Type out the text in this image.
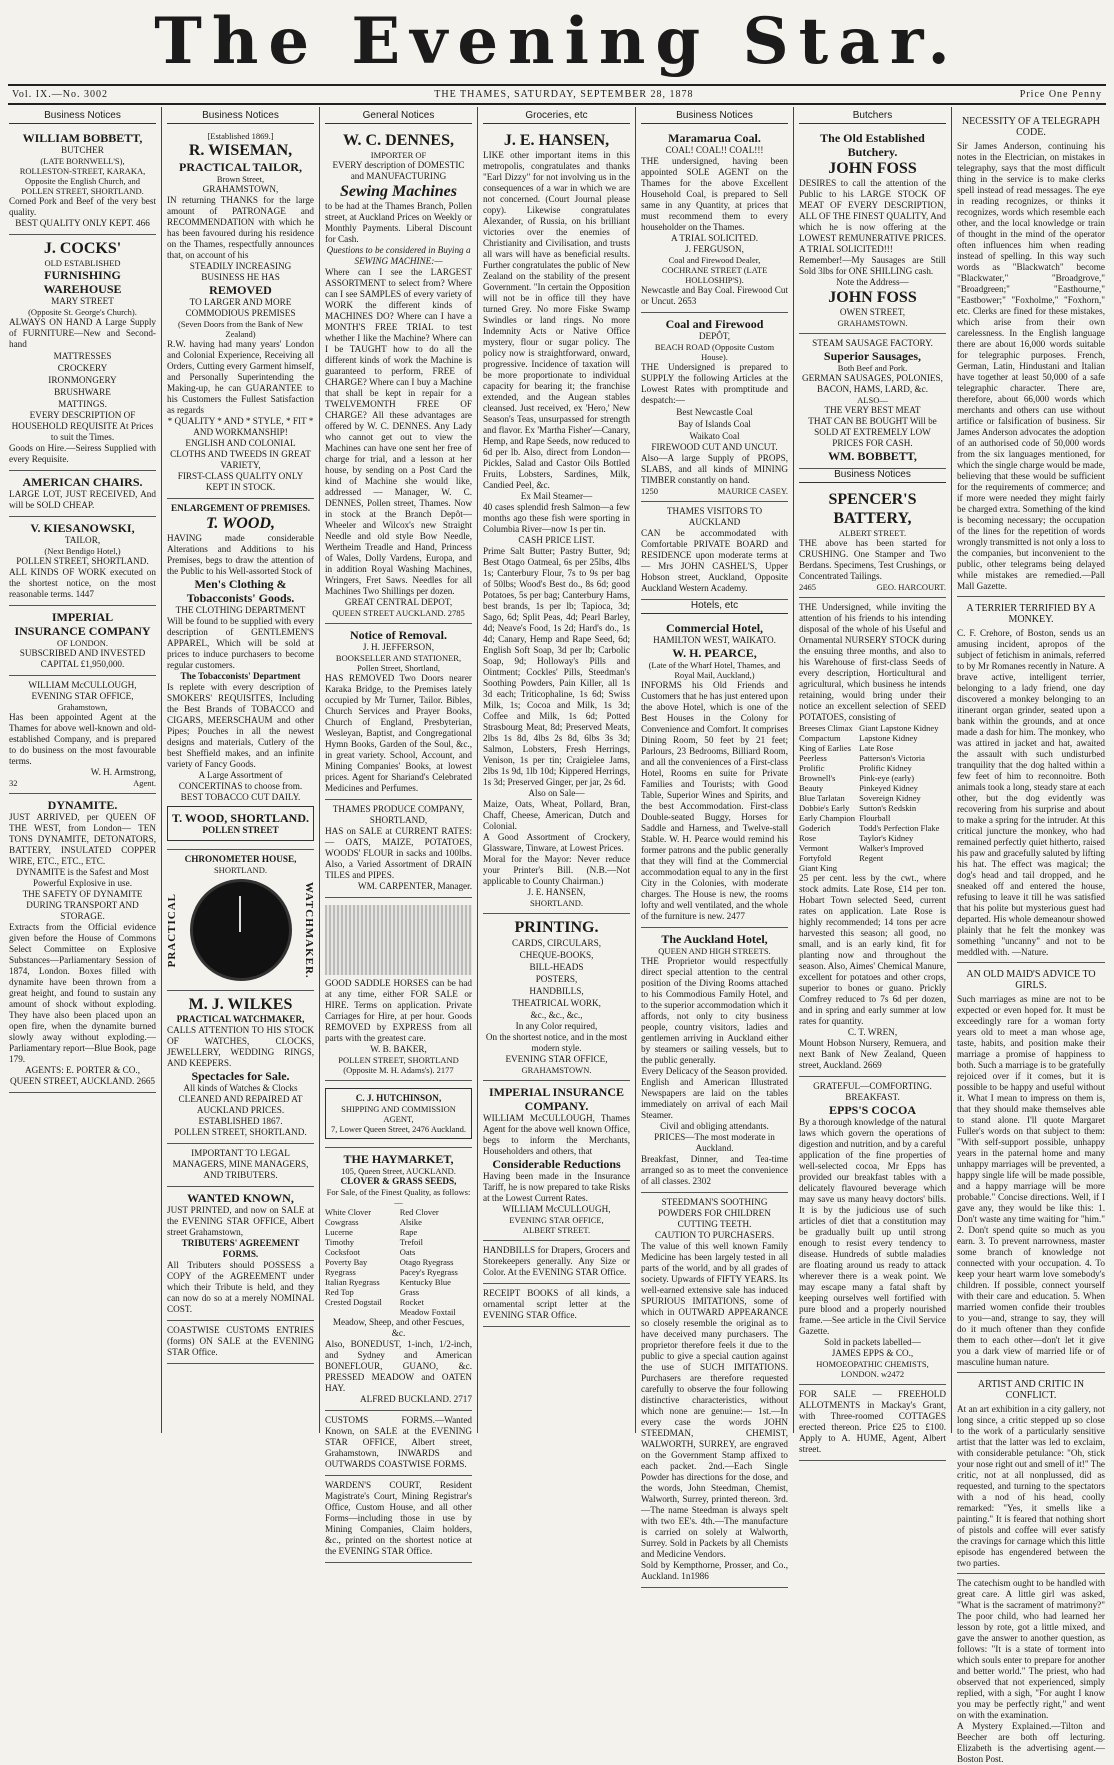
The Evening Star.
Vol. IX.—No. 3002	THE THAMES, SATURDAY, SEPTEMBER 28, 1878	Price One Penny
Business Notices
WILLIAM BOBBETT,
BUTCHER
(LATE BORNWELL'S),
ROLLESTON-STREET, KARAKA, Opposite the English Church, and POLLEN STREET, SHORTLAND.
Corned Pork and Beef of the very best quality.
BEST QUALITY ONLY KEPT. 466
J. COCKS'
OLD ESTABLISHED
FURNISHING WAREHOUSE
MARY STREET
(Opposite St. George's Church).
ALWAYS ON HAND A Large Supply of FURNITURE—New and Second-hand
MATTRESSES
CROCKERY
IRONMONGERY
BRUSHWARE
MATTINGS.
EVERY DESCRIPTION OF HOUSEHOLD REQUISITE At Prices to suit the Times.
Goods on Hire.—Seiress Supplied with every Requisite.
AMERICAN CHAIRS.
LARGE LOT, JUST RECEIVED, And will be SOLD CHEAP.
V. KIESANOWSKI,
TAILOR,
(Next Bendigo Hotel,)
POLLEN STREET, SHORTLAND.
ALL KINDS OF WORK executed on the shortest notice, on the most reasonable terms. 1447
IMPERIAL
INSURANCE COMPANY
OF LONDON.
SUBSCRIBED AND INVESTED CAPITAL £1,950,000.
WILLIAM McCULLOUGH,
EVENING STAR OFFICE,
Grahamstown,
Has been appointed Agent at the Thames for above well-known and old-established Company, and is prepared to do business on the most favourable terms.
W. H. Armstrong,
32	Agent.
DYNAMITE.
JUST ARRIVED, per QUEEN OF THE WEST, from London— TEN TONS DYNAMITE, DETONATORS, BATTERY, INSULATED COPPER WIRE, ETC., ETC., ETC.
DYNAMITE is the Safest and Most Powerful Explosive in use.
THE SAFETY OF DYNAMITE DURING TRANSPORT AND STORAGE.
Extracts from the Official evidence given before the House of Commons Select Committee on Explosive Substances—Parliamentary Session of 1874, London. Boxes filled with dynamite have been thrown from a great height, and found to sustain any amount of shock without exploding. They have also been placed upon an open fire, when the dynamite burned slowly away without exploding.—Parliamentary report—Blue Book, page 179.
AGENTS: E. PORTER & CO., QUEEN STREET, AUCKLAND. 2665
Business Notices
[Established 1869.]
R. WISEMAN,
PRACTICAL TAILOR,
Brown Street,
GRAHAMSTOWN,
IN returning THANKS for the large amount of PATRONAGE and RECOMMENDATION with which he has been favoured during his residence on the Thames, respectfully announces that, on account of his
STEADILY INCREASING BUSINESS HE HAS
REMOVED
TO LARGER AND MORE COMMODIOUS PREMISES
(Seven Doors from the Bank of New Zealand)
R.W. having had many years' London and Colonial Experience, Receiving all Orders, Cutting every Garment himself, and Personally Superintending the Making-up, he can GUARANTEE to his Customers the Fullest Satisfaction as regards
* QUALITY * AND * STYLE, * FIT * AND WORKMANSHIP!
ENGLISH AND COLONIAL CLOTHS AND TWEEDS IN GREAT VARIETY,
FIRST-CLASS QUALITY ONLY KEPT IN STOCK.
ENLARGEMENT OF PREMISES.
T. WOOD,
HAVING made considerable Alterations and Additions to his Premises, begs to draw the attention of the Public to his Well-assorted Stock of
Men's Clothing & Tobacconists' Goods.
THE CLOTHING DEPARTMENT
Will be found to be supplied with every description of GENTLEMEN'S APPAREL, Which will be sold at prices to induce purchasers to become regular customers.
The Tobacconists' Department
Is replete with every description of SMOKERS' REQUISITES, Including the Best Brands of TOBACCO and CIGARS, MEERSCHAUM and other Pipes; Pouches in all the newest designs and materials, Cutlery of the best Sheffield makes, and an infinite variety of Fancy Goods.
A Large Assortment of CONCERTINAS to choose from.
BEST TOBACCO CUT DAILY.
T. WOOD, SHORTLAND.
POLLEN STREET
CHRONOMETER HOUSE,
SHORTLAND.
PRACTICAL	WATCHMAKER.
M. J. WILKES
PRACTICAL WATCHMAKER,
CALLS ATTENTION TO HIS STOCK OF WATCHES, CLOCKS, JEWELLERY, WEDDING RINGS, AND KEEPERS.
Spectacles for Sale.
All kinds of Watches & Clocks CLEANED AND REPAIRED AT AUCKLAND PRICES.
ESTABLISHED 1867.
POLLEN STREET, SHORTLAND.
IMPORTANT TO LEGAL MANAGERS, MINE MANAGERS, AND TRIBUTERS.
WANTED KNOWN,
JUST PRINTED, and now on SALE at the EVENING STAR OFFICE, Albert street Grahamstown,
TRIBUTERS' AGREEMENT FORMS.
All Tributers should POSSESS a COPY of the AGREEMENT under which their Tribute is held, and they can now do so at a merely NOMINAL COST.
COASTWISE CUSTOMS ENTRIES (forms) ON SALE at the EVENING STAR Office.
General Notices
W. C. DENNES,
IMPORTER OF
EVERY description of DOMESTIC and MANUFACTURING
Sewing Machines
to be had at the Thames Branch, Pollen street, at Auckland Prices on Weekly or Monthly Payments. Liberal Discount for Cash.
Questions to be considered in Buying a SEWING MACHINE:—
Where can I see the LARGEST ASSORTMENT to select from? Where can I see SAMPLES of every variety of WORK the different kinds of MACHINES DO? Where can I have a MONTH'S FREE TRIAL to test whether I like the Machine? Where can I be TAUGHT how to do all the different kinds of work the Machine is guaranteed to perform, FREE of CHARGE? Where can I buy a Machine that shall be kept in repair for a TWELVEMONTH FREE OF CHARGE? All these advantages are offered by W. C. DENNES. Any Lady who cannot get out to view the Machines can have one sent her free of charge for trial, and a lesson at her house, by sending on a Post Card the kind of Machine she would like, addressed — Manager, W. C. DENNES, Pollen street, Thames. Now in stock at the Branch Depôt— Wheeler and Wilcox's new Straight Needle and old style Bow Needle, Wertheim Treadle and Hand, Princess of Wales, Dolly Vardens, Europa, and in addition Royal Washing Machines, Wringers, Fret Saws. Needles for all Machines Two Shillings per dozen.
GREAT CENTRAL DEPOT,
QUEEN STREET AUCKLAND. 2785
Notice of Removal.
J. H. JEFFERSON,
BOOKSELLER AND STATIONER,
Pollen Street, Shortland,
HAS REMOVED Two Doors nearer Karaka Bridge, to the Premises lately occupied by Mr Turner, Tailor. Bibles, Church Services and Prayer Books, Church of England, Presbyterian, Wesleyan, Baptist, and Congregational Hymn Books, Garden of the Soul, &c., in great variety. School, Account, and Mining Companies' Books, at lowest prices. Agent for Shariand's Celebrated Medicines and Perfumes.
THAMES PRODUCE COMPANY, SHORTLAND,
HAS on SALE at CURRENT RATES:— OATS, MAIZE, POTATOES, WOODS' FLOUR in sacks and 100lbs. Also, a Varied Assortment of DRAIN TILES and PIPES.
WM. CARPENTER, Manager.
GOOD SADDLE HORSES can be had at any time, either FOR SALE or HIRE. Terms on application. Private Carriages for Hire, at per hour. Goods REMOVED by EXPRESS from all parts with the greatest care.
W. B. BAKER,
POLLEN STREET, SHORTLAND
(Opposite M. H. Adams's). 2177
C. J. HUTCHINSON,
SHIPPING AND COMMISSION AGENT,
7, Lower Queen Street, 2476 Auckland.
THE HAYMARKET,
105, Queen Street, AUCKLAND.
CLOVER & GRASS SEEDS,
For Sale, of the Finest Quality, as follows:—
White Clover
Cowgrass
Lucerne
Timothy
Cocksfoot
Poverty Bay Ryegrass
Italian Ryegrass
Red Top
Crested Dogstail
Red Clover
Alsike
Rape
Trefoil
Oats
Otago Ryegrass
Pacey's Ryegrass
Kentucky Blue Grass
Rocket
Meadow Foxtail
Meadow, Sheep, and other Fescues, &c.
Also, BONEDUST, 1-inch, 1/2-inch, and Sydney and American BONEFLOUR, GUANO, &c. PRESSED MEADOW and OATEN HAY.
ALFRED BUCKLAND. 2717
CUSTOMS FORMS.—Wanted Known, on SALE at the EVENING STAR OFFICE, Albert street, Grahamstown, INWARDS and OUTWARDS COASTWISE FORMS.
WARDEN'S COURT, Resident Magistrate's Court, Mining Registrar's Office, Custom House, and all other Forms—including those in use by Mining Companies, Claim holders, &c., printed on the shortest notice at the EVENING STAR Office.
Groceries, etc
J. E. HANSEN,
LIKE other important items in this metropolis, congratulates and thanks "Earl Dizzy" for not involving us in the consequences of a war in which we are not concerned. (Court Journal please copy). Likewise congratulates Alexander, of Russia, on his brilliant victories over the enemies of Christianity and Civilisation, and trusts all wars will have as beneficial results. Further congratulates the public of New Zealand on the stability of the present Government. "In certain the Opposition will not be in office till they have turned Grey. No more Fiske Swamp Swindles or land rings. No more Indemnity Acts or Native Office mystery, flour or sugar policy. The policy now is straightforward, onward, progressive. Incidence of taxation will be more proportionate to individual capacity for bearing it; the franchise extended, and the Augean stables cleansed. Just received, ex 'Hero,' New Season's Teas, unsurpassed for strength and flavor. Ex 'Martha Fisher'—Canary, Hemp, and Rape Seeds, now reduced to 6d per lb. Also, direct from London—Pickles, Salad and Castor Oils Bottled Fruits, Lobsters, Sardines, Milk, Candied Peel, &c.
Ex Mail Steamer—
40 cases splendid fresh Salmon—a few months ago these fish were sporting in Columbia River—now 1s per tin.
CASH PRICE LIST.
Prime Salt Butter; Pastry Butter, 9d; Best Otago Oatmeal, 6s per 25lbs, 4lbs 1s; Canterbury Flour, 7s to 9s per bag of 50lbs; Wood's Best do., 8s 6d; good Potatoes, 5s per bag; Canterbury Hams, best brands, 1s per lb; Tapioca, 3d; Sago, 6d; Split Peas, 4d; Pearl Barley, 4d; Neave's Food, 1s 2d; Hard's do., 1s 4d; Canary, Hemp and Rape Seed, 6d; English Soft Soap, 3d per lb; Carbolic Soap, 9d; Holloway's Pills and Ointment; Cockles' Pills, Steedman's Soothing Powders, Pain Killer, all 1s 3d each; Triticophaline, 1s 6d; Swiss Milk, 1s; Cocoa and Milk, 1s 3d; Coffee and Milk, 1s 6d; Potted Strasbourg Meat, 8d; Preserved Meats, 2lbs 1s 8d, 4lbs 2s 8d, 6lbs 3s 3d; Salmon, Lobsters, Fresh Herrings, Venison, 1s per tin; Craigielee Jams, 2lbs 1s 9d, 1lb 10d; Kippered Herrings, 1s 3d; Preserved Ginger, per jar, 2s 6d.
Also on Sale—
Maize, Oats, Wheat, Pollard, Bran, Chaff, Cheese, American, Dutch and Colonial.
A Good Assortment of Crockery, Glassware, Tinware, at Lowest Prices.
Moral for the Mayor: Never reduce your Printer's Bill. (N.B.—Not applicable to County Chairman.)
J. E. HANSEN,
SHORTLAND.
PRINTING.
CARDS, CIRCULARS,
CHEQUE-BOOKS,
BILL-HEADS
POSTERS,
HANDBILLS,
THEATRICAL WORK,
&c., &c., &c.,
In any Color required,
On the shortest notice, and in the most modern style.
EVENING STAR OFFICE,
GRAHAMSTOWN.
IMPERIAL INSURANCE COMPANY.
WILLIAM McCULLOUGH, Thames Agent for the above well known Office, begs to inform the Merchants, Householders and others, that
Considerable Reductions
Having been made in the Insurance Tariff, he is now prepared to take Risks at the Lowest Current Rates.
WILLIAM McCULLOUGH,
EVENING STAR OFFICE,
ALBERT STREET.
HANDBILLS for Drapers, Grocers and Storekeepers generally. Any Size or Color. At the EVENING STAR Office.
RECEIPT BOOKS of all kinds, a ornamental script letter at the EVENING STAR Office.
Business Notices
Maramarua Coal.
COAL! COAL!! COAL!!!
THE undersigned, having been appointed SOLE AGENT on the Thames for the above Excellent Household Coal, is prepared to Sell same in any Quantity, at prices that must recommend them to every householder on the Thames.
A TRIAL SOLICITED.
J. FERGUSON,
Coal and Firewood Dealer,
COCHRANE STREET (LATE HOLLOSHIP'S).
Newcastle and Bay Coal. Firewood Cut or Uncut. 2653
Coal and Firewood
DEPÔT,
BEACH ROAD (Opposite Custom House).
THE Undersigned is prepared to SUPPLY the following Articles at the Lowest Rates with promptitude and despatch:—
Best Newcastle Coal
Bay of Islands Coal
Waikato Coal
FIREWOOD CUT AND UNCUT.
Also—A large Supply of PROPS, SLABS, and all kinds of MINING TIMBER constantly on hand.
1250	MAURICE CASEY.
THAMES VISITORS TO AUCKLAND
CAN be accommodated with Comfortable PRIVATE BOARD and RESIDENCE upon moderate terms at— Mrs JOHN CASHEL'S, Upper Hobson street, Auckland, Opposite Auckland Western Academy.
Hotels, etc
Commercial Hotel,
HAMILTON WEST, WAIKATO.
W. H. PEARCE,
(Late of the Wharf Hotel, Thames, and Royal Mail, Auckland,)
INFORMS his Old Friends and Customers that he has just entered upon the above Hotel, which is one of the Best Houses in the Colony for Convenience and Comfort. It comprises Dining Room, 50 feet by 21 feet; Parlours, 23 Bedrooms, Billiard Room, and all the conveniences of a First-class Hotel, Rooms en suite for Private Families and Tourists; with Good Table, Superior Wines and Spirits, and the best Accommodation. First-class Double-seated Buggy, Horses for Saddle and Harness, and Twelve-stall Stable. W. H. Pearce would remind his former patrons and the public generally that they will find at the Commercial accommodation equal to any in the first City in the Colonies, with moderate charges. The House is new, the rooms lofty and well ventilated, and the whole of the furniture is new. 2477
The Auckland Hotel,
QUEEN AND HIGH STREETS.
THE Proprietor would respectfully direct special attention to the central position of the Diving Rooms attached to his Commodious Family Hotel, and to the superior accommodation which it affords, not only to city business people, country visitors, ladies and gentlemen arriving in Auckland either by steamers or sailing vessels, but to the public generally.
Every Delicacy of the Season provided.
English and American Illustrated Newspapers are laid on the tables immediately on arrival of each Mail Steamer.
Civil and obliging attendants.
PRICES—The most moderate in Auckland.
Breakfast, Dinner, and Tea-time arranged so as to meet the convenience of all classes. 2302
STEEDMAN'S SOOTHING POWDERS FOR CHILDREN CUTTING TEETH.
CAUTION TO PURCHASERS.
The value of this well known Family Medicine has been largely tested in all parts of the world, and by all grades of society. Upwards of FIFTY YEARS. Its well-earned extensive sale has induced SPURIOUS IMITATIONS, some of which in OUTWARD APPEARANCE so closely resemble the original as to have deceived many purchasers. The proprietor therefore feels it due to the public to give a special caution against the use of SUCH IMITATIONS. Purchasers are therefore requested carefully to observe the four following distinctive characteristics, without which none are genuine:— 1st.—In every case the words JOHN STEEDMAN, CHEMIST, WALWORTH, SURREY, are engraved on the Government Stamp affixed to each packet. 2nd.—Each Single Powder has directions for the dose, and the words, John Steedman, Chemist, Walworth, Surrey, printed thereon. 3rd.—The name Steedman is always spelt with two EE's. 4th.—The manufacture is carried on solely at Walworth, Surrey. Sold in Packets by all Chemists and Medicine Vendors.
Sold by Kempthorne, Prosser, and Co., Auckland. 1n1986
Butchers
The Old Established Butchery.
JOHN FOSS
DESIRES to call the attention of the Public to his LARGE STOCK OF MEAT OF EVERY DESCRIPTION, ALL OF THE FINEST QUALITY, And which he is now offering at the LOWEST REMUNERATIVE PRICES. A TRIAL SOLICITED!!!
Remember!—My Sausages are Still Sold 3lbs for ONE SHILLING cash.
Note the Address—
JOHN FOSS
OWEN STREET,
GRAHAMSTOWN.
STEAM SAUSAGE FACTORY.
Superior Sausages,
Both Beef and Pork.
GERMAN SAUSAGES, POLONIES, BACON, HAMS, LARD, &c.
ALSO—
THE VERY BEST MEAT
THAT CAN BE BOUGHT Will be SOLD AT EXTREMELY LOW PRICES FOR CASH.
WM. BOBBETT,
Business Notices
SPENCER'S BATTERY,
ALBERT STREET.
THE above has been started for CRUSHING. One Stamper and Two Berdans. Specimens, Test Crushings, or Concentrated Tailings.
2465	GEO. HARCOURT.
THE Undersigned, while inviting the attention of his friends to his intending disposal of the whole of his Useful and Ornamental NURSERY STOCK during the ensuing three months, and also to his Warehouse of first-class Seeds of every description, Horticultural and agricultural, which business he intends retaining, would bring under their notice an excellent selection of SEED POTATOES, consisting of
Breeses Climax
Compactum
King of Earlies
Peerless
Prolific
Brownell's Beauty
Blue Tarlatan
Dobbie's Early
Early Champion
Goderich
Rose
Vermont
Fortyfold
Giant King
Giant Lapstone Kidney
Lapstone Kidney
Late Rose
Patterson's Victoria
Prolific Kidney
Pink-eye (early)
Pinkeyed Kidney
Sovereign Kidney
Sutton's Redskin Flourball
Todd's Perfection Flake
Taylor's Kidney
Walker's Improved Regent
25 per cent. less by the cwt., where stock admits. Late Rose, £14 per ton. Hobart Town selected Seed, current rates on application. Late Rose is highly recommended; 14 tons per acre harvested this season; all good, no small, and is an early kind, fit for planting now and throughout the season. Also, Aimes' Chemical Manure, excellent for potatoes and other crops, superior to bones or guano. Prickly Comfrey reduced to 7s 6d per dozen, and in spring and early summer at low rates for quantity.
C. T. WREN,
Mount Hobson Nursery, Remuera, and next Bank of New Zealand, Queen street, Auckland. 2669
GRATEFUL—COMFORTING.
BREAKFAST.
EPPS'S COCOA
By a thorough knowledge of the natural laws which govern the operations of digestion and nutrition, and by a careful application of the fine properties of well-selected cocoa, Mr Epps has provided our breakfast tables with a delicately flavoured beverage which may save us many heavy doctors' bills. It is by the judicious use of such articles of diet that a constitution may be gradually built up until strong enough to resist every tendency to disease. Hundreds of subtle maladies are floating around us ready to attack wherever there is a weak point. We may escape many a fatal shaft by keeping ourselves well fortified with pure blood and a properly nourished frame.—See article in the Civil Service Gazette.
Sold in packets labelled—
JAMES EPPS & CO.,
HOMOEOPATHIC CHEMISTS,
LONDON. w2472
FOR SALE — FREEHOLD ALLOTMENTS in Mackay's Grant, with Three-roomed COTTAGES erected thereon. Price £25 to £100. Apply to A. HUME, Agent, Albert street.
NECESSITY OF A TELEGRAPH CODE.
Sir James Anderson, continuing his notes in the Electrician, on mistakes in telegraphy, says that the most difficult thing in the service is to make clerks spell instead of read messages. The eye in reading recognizes, or thinks it recognizes, words which resemble each other, and the local knowledge or train of thought in the mind of the operator often influences him when reading instead of spelling. In this way such words as "Blackwatch" become "Blackwater," "Broadgrove," "Broadgreen;" "Easthourne," "Eastbower;" "Foxholme," "Foxhorn," etc. Clerks are fined for these mistakes, which arise from their own carelessness. In the English language there are about 16,000 words suitable for telegraphic purposes. French, German, Latin, Hindustani and Italian have together at least 50,000 of a safe telegraphic character. There are, therefore, about 66,000 words which merchants and others can use without artifice or falsification of business. Sir James Anderson advocates the adoption of an authorised code of 50,000 words from the six languages mentioned, for which the single charge would be made, believing that these would be sufficient for the requirements of commerce; and if more were needed they might fairly be charged extra. Something of the kind is becoming necessary; the occupation of the lines for the repetition of words wrongly transmitted is not only a loss to the companies, but inconvenient to the public, other telegrams being delayed while mistakes are remedied.—Pall Mall Gazette.
A TERRIER TERRIFIED BY A MONKEY.
C. F. Crehore, of Boston, sends us an amusing incident, apropos of the subject of fetichism in animals, referred to by Mr Romanes recently in Nature. A brave active, intelligent terrier, belonging to a lady friend, one day discovered a monkey belonging to an itinerant organ grinder, seated upon a bank within the grounds, and at once made a dash for him. The monkey, who was attired in jacket and hat, awaited the assault with such undisturbed tranquility that the dog halted within a few feet of him to reconnoitre. Both animals took a long, steady stare at each other, but the dog evidently was recovering from his surprise and about to make a spring for the intruder. At this critical juncture the monkey, who had remained perfectly quiet hitherto, raised his paw and gracefully saluted by lifting his hat. The effect was magical; the dog's head and tail dropped, and he sneaked off and entered the house, refusing to leave it till he was satisfied that his polite but mysterious guest had departed. His whole demeanour showed plainly that he felt the monkey was something "uncanny" and not to be meddled with. —Nature.
AN OLD MAID'S ADVICE TO GIRLS.
Such marriages as mine are not to be expected or even hoped for. It must be exceedingly rare for a woman forty years old to meet a man whose age, taste, habits, and position make their marriage a promise of happiness to both. Such a marriage is to be gratefully rejoiced over if it comes, but it is possible to be happy and useful without it. What I mean to impress on them is, that they should make themselves able to stand alone. I'll quote Margaret Fuller's words on that subject to them: "With self-support possible, unhappy years in the paternal home and many unhappy marriages will be prevented, a happy single life will be made possible, and a happy marriage will be more probable." Concise directions. Well, if I gave any, they would be like this: 1. Don't waste any time waiting for "him." 2. Don't spend quite so much as you earn. 3. To prevent narrowness, master some branch of knowledge not connected with your occupation. 4. To keep your heart warm love somebody's children. If possible, connect yourself with their care and education. 5. When married women confide their troubles to you—and, strange to say, they will do it much oftener than they confide them to each other—don't let it give you a dark view of married life or of masculine human nature.
ARTIST AND CRITIC IN CONFLICT.
At an art exhibition in a city gallery, not long since, a critic stepped up so close to the work of a particularly sensitive artist that the latter was led to exclaim, with considerable petulance: "Oh, stick your nose right out and smell of it!" The critic, not at all nonplussed, did as requested, and turning to the spectators with a nod of his head, coolly remarked: "Yes, it smells like a painting." It is feared that nothing short of pistols and coffee will ever satisfy the cravings for carnage which this little episode has engendered between the two parties.
The catechism ought to be handled with great care. A little girl was asked, "What is the sacrament of matrimony?" The poor child, who had learned her lesson by rote, got a little mixed, and gave the answer to another question, as follows: "It is a state of torment into which souls enter to prepare for another and better world." The priest, who had observed that not experienced, simply replied, with a sigh, "For aught I know you may be perfectly right," and went on with the examination.
A Mystery Explained.—Tilton and Beecher are both off lecturing. Elizabeth is the advertising agent.—Boston Post.
